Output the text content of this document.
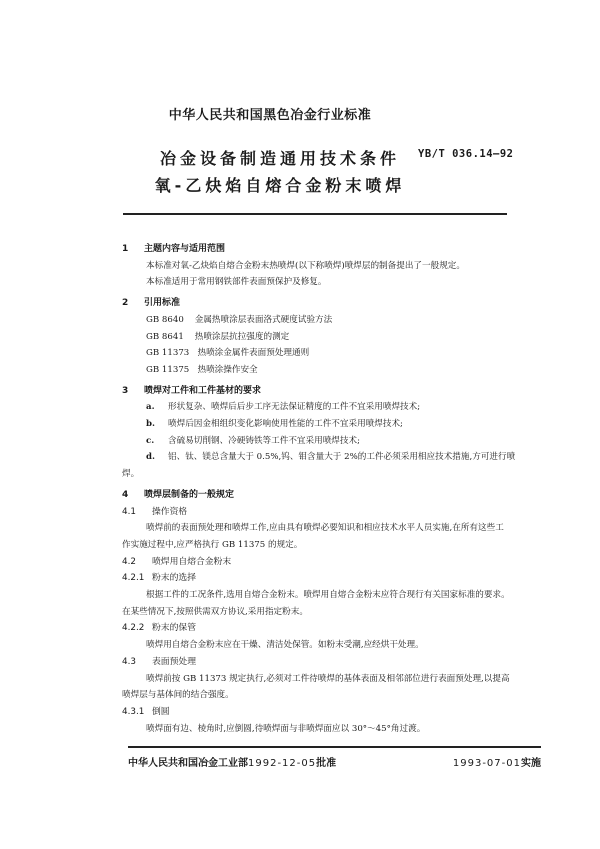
中华人民共和国黑色冶金行业标准
冶金设备制造通用技术条件
氧-乙炔焰自熔合金粉末喷焊
YB/T 036.14—92

1 主题内容与适用范围

本标准对氧-乙炔焰自熔合金粉末热喷焊(以下称喷焊)喷焊层的制备提出了一般规定。

本标准适用于常用钢铁部件表面预保护及修复。

2 引用标准

GB 8640 金属热喷涂层表面洛式硬度试验方法

GB 8641 热喷涂层抗拉强度的测定

GB 11373 热喷涂金属件表面预处理通则

GB 11375 热喷涂操作安全

3 喷焊对工件和工件基材的要求

a. 形状复杂、喷焊后后步工序无法保证精度的工件不宜采用喷焊技术;

b. 喷焊后因金相组织变化影响使用性能的工件不宜采用喷焊技术;

c. 含硫易切削钢、冷硬铸铁等工件不宜采用喷焊技术;

d. 铝、钛、镁总含量大于 0.5%,钨、钼含量大于 2%的工件必须采用相应技术措施,方可进行喷

焊。

4 喷焊层制备的一般规定

4.1 操作资格

喷焊前的表面预处理和喷焊工作,应由具有喷焊必要知识和相应技术水平人员实施,在所有这些工

作实施过程中,应严格执行 GB 11375 的规定。

4.2 喷焊用自熔合金粉末

4.2.1 粉末的选择

根据工件的工况条件,选用自熔合金粉末。喷焊用自熔合金粉末应符合现行有关国家标准的要求。

在某些情况下,按照供需双方协议,采用指定粉末。

4.2.2 粉末的保管

喷焊用自熔合金粉末应在干燥、清洁处保管。如粉末受潮,应经烘干处理。

4.3 表面预处理

喷焊前按 GB 11373 规定执行,必须对工件待喷焊的基体表面及相邻部位进行表面预处理,以提高

喷焊层与基体间的结合强度。

4.3.1 倒圆

喷焊面有边、棱角时,应倒圆,待喷焊面与非喷焊面应以 30°～45°角过渡。

中华人民共和国冶金工业部1992-12-05批准	1993-07-01实施
